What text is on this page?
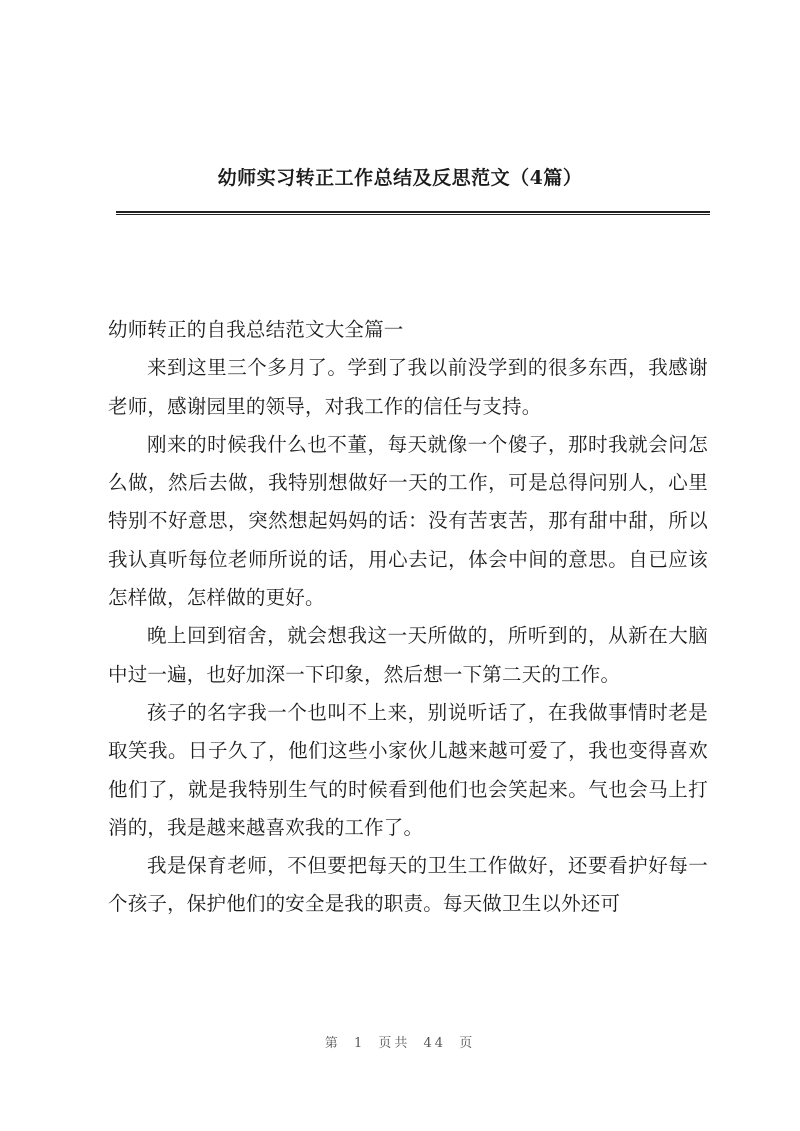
幼师实习转正工作总结及反思范文（4篇）

幼师转正的自我总结范文大全篇一

来到这里三个多月了。学到了我以前没学到的很多东西，我感谢老师，感谢园里的领导，对我工作的信任与支持。

刚来的时候我什么也不董，每天就像一个傻子，那时我就会问怎么做，然后去做，我特别想做好一天的工作，可是总得问别人，心里特别不好意思，突然想起妈妈的话：没有苦衷苦，那有甜中甜，所以我认真听每位老师所说的话，用心去记，体会中间的意思。自已应该怎样做，怎样做的更好。

晚上回到宿舍，就会想我这一天所做的，所听到的，从新在大脑中过一遍，也好加深一下印象，然后想一下第二天的工作。

孩子的名字我一个也叫不上来，别说听话了，在我做事情时老是取笑我。日子久了，他们这些小家伙儿越来越可爱了，我也变得喜欢他们了，就是我特别生气的时候看到他们也会笑起来。气也会马上打消的，我是越来越喜欢我的工作了。

我是保育老师，不但要把每天的卫生工作做好，还要看护好每一个孩子，保护他们的安全是我的职责。每天做卫生以外还可

第 1 页共 44 页
